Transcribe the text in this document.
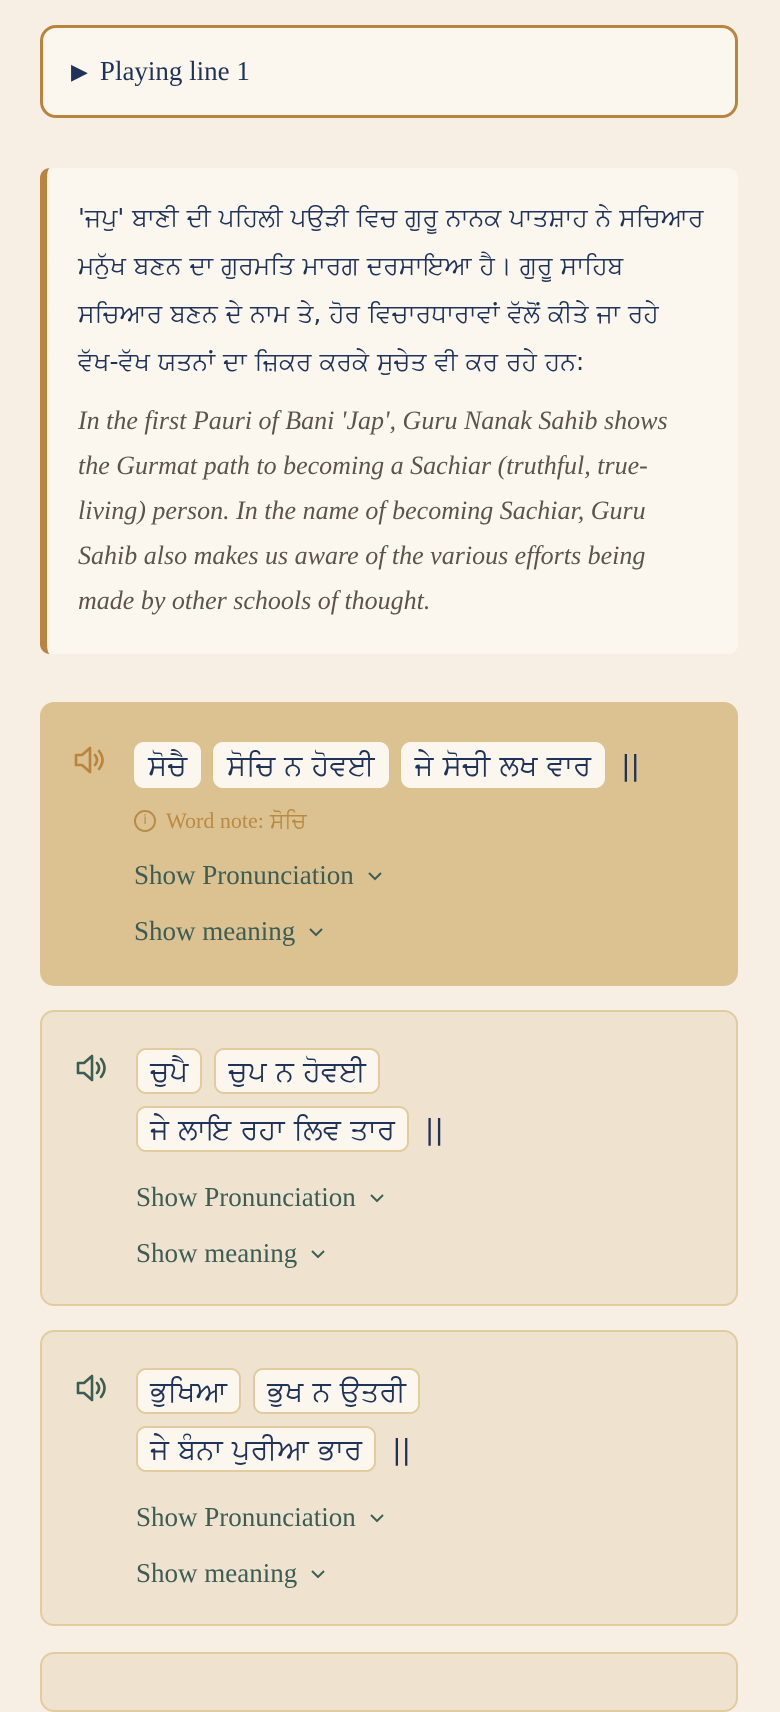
▶ Playing line 1

'ਜਪੁ' ਬਾਣੀ ਦੀ ਪਹਿਲੀ ਪਉੜੀ ਵਿਚ ਗੁਰੂ ਨਾਨਕ ਪਾਤਸ਼ਾਹ ਨੇ ਸਚਿਆਰ ਮਨੁੱਖ ਬਣਨ ਦਾ ਗੁਰਮਤਿ ਮਾਰਗ ਦਰਸਾਇਆ ਹੈ। ਗੁਰੂ ਸਾਹਿਬ ਸਚਿਆਰ ਬਣਨ ਦੇ ਨਾਮ ਤੇ, ਹੋਰ ਵਿਚਾਰਧਾਰਾਵਾਂ ਵੱਲੋਂ ਕੀਤੇ ਜਾ ਰਹੇ ਵੱਖ-ਵੱਖ ਯਤਨਾਂ ਦਾ ਜ਼ਿਕਰ ਕਰਕੇ ਸੁਚੇਤ ਵੀ ਕਰ ਰਹੇ ਹਨ:

In the first Pauri of Bani 'Jap', Guru Nanak Sahib shows the Gurmat path to becoming a Sachiar (truthful, true-living) person. In the name of becoming Sachiar, Guru Sahib also makes us aware of the various efforts being made by other schools of thought.

ਸੋਚੈ	ਸੋਚਿ ਨ ਹੋਵਈ	ਜੇ ਸੋਚੀ ਲਖ ਵਾਰ	||
i Word note: ਸੋਚਿ
Show Pronunciation
Show meaning
ਚੁਪੈ	ਚੁਪ ਨ ਹੋਵਈ
ਜੇ ਲਾਇ ਰਹਾ ਲਿਵ ਤਾਰ	||
Show Pronunciation
Show meaning
ਭੁਖਿਆ	ਭੁਖ ਨ ਉਤਰੀ
ਜੇ ਬੰਨਾ ਪੁਰੀਆ ਭਾਰ	||
Show Pronunciation
Show meaning
